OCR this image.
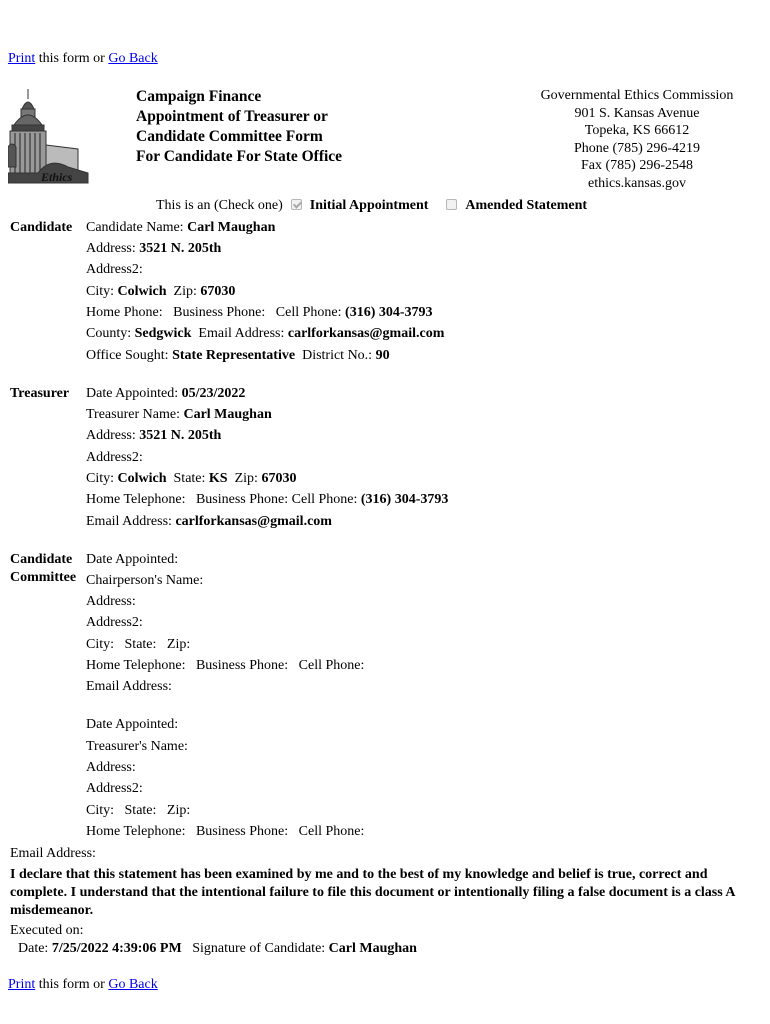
Print this form or Go Back
Ethics
Campaign Finance
Appointment of Treasurer or
Candidate Committee Form
For Candidate For State Office
Governmental Ethics Commission
901 S. Kansas Avenue
Topeka, KS 66612
Phone (785) 296-4219
Fax (785) 296-2548
ethics.kansas.gov
This is an (Check one) Initial Appointment	Amended Statement
Candidate Candidate Name: Carl Maughan
Address: 3521 N. 205th
Address2:
City: Colwich Zip: 67030
Home Phone: Business Phone: Cell Phone: (316) 304-3793
County: Sedgwick Email Address: carlforkansas@gmail.com
Office Sought: State Representative District No.: 90
Treasurer Date Appointed: 05/23/2022
Treasurer Name: Carl Maughan
Address: 3521 N. 205th
Address2:
City: Colwich State: KS Zip: 67030
Home Telephone: Business Phone: Cell Phone: (316) 304-3793
Email Address: carlforkansas@gmail.com
Candidate
Committee
Date Appointed:
Chairperson's Name:
Address:
Address2:
City: State: Zip:
Home Telephone: Business Phone: Cell Phone:
Email Address:
Date Appointed:
Treasurer's Name:
Address:
Address2:
City: State: Zip:
Home Telephone: Business Phone: Cell Phone:
Email Address:
I declare that this statement has been examined by me and to the best of my knowledge and belief is true, correct and complete. I understand that the intentional failure to file this document or intentionally filing a false document is a class A misdemeanor.
Executed on:
Date: 7/25/2022 4:39:06 PM Signature of Candidate: Carl Maughan
Print this form or Go Back
